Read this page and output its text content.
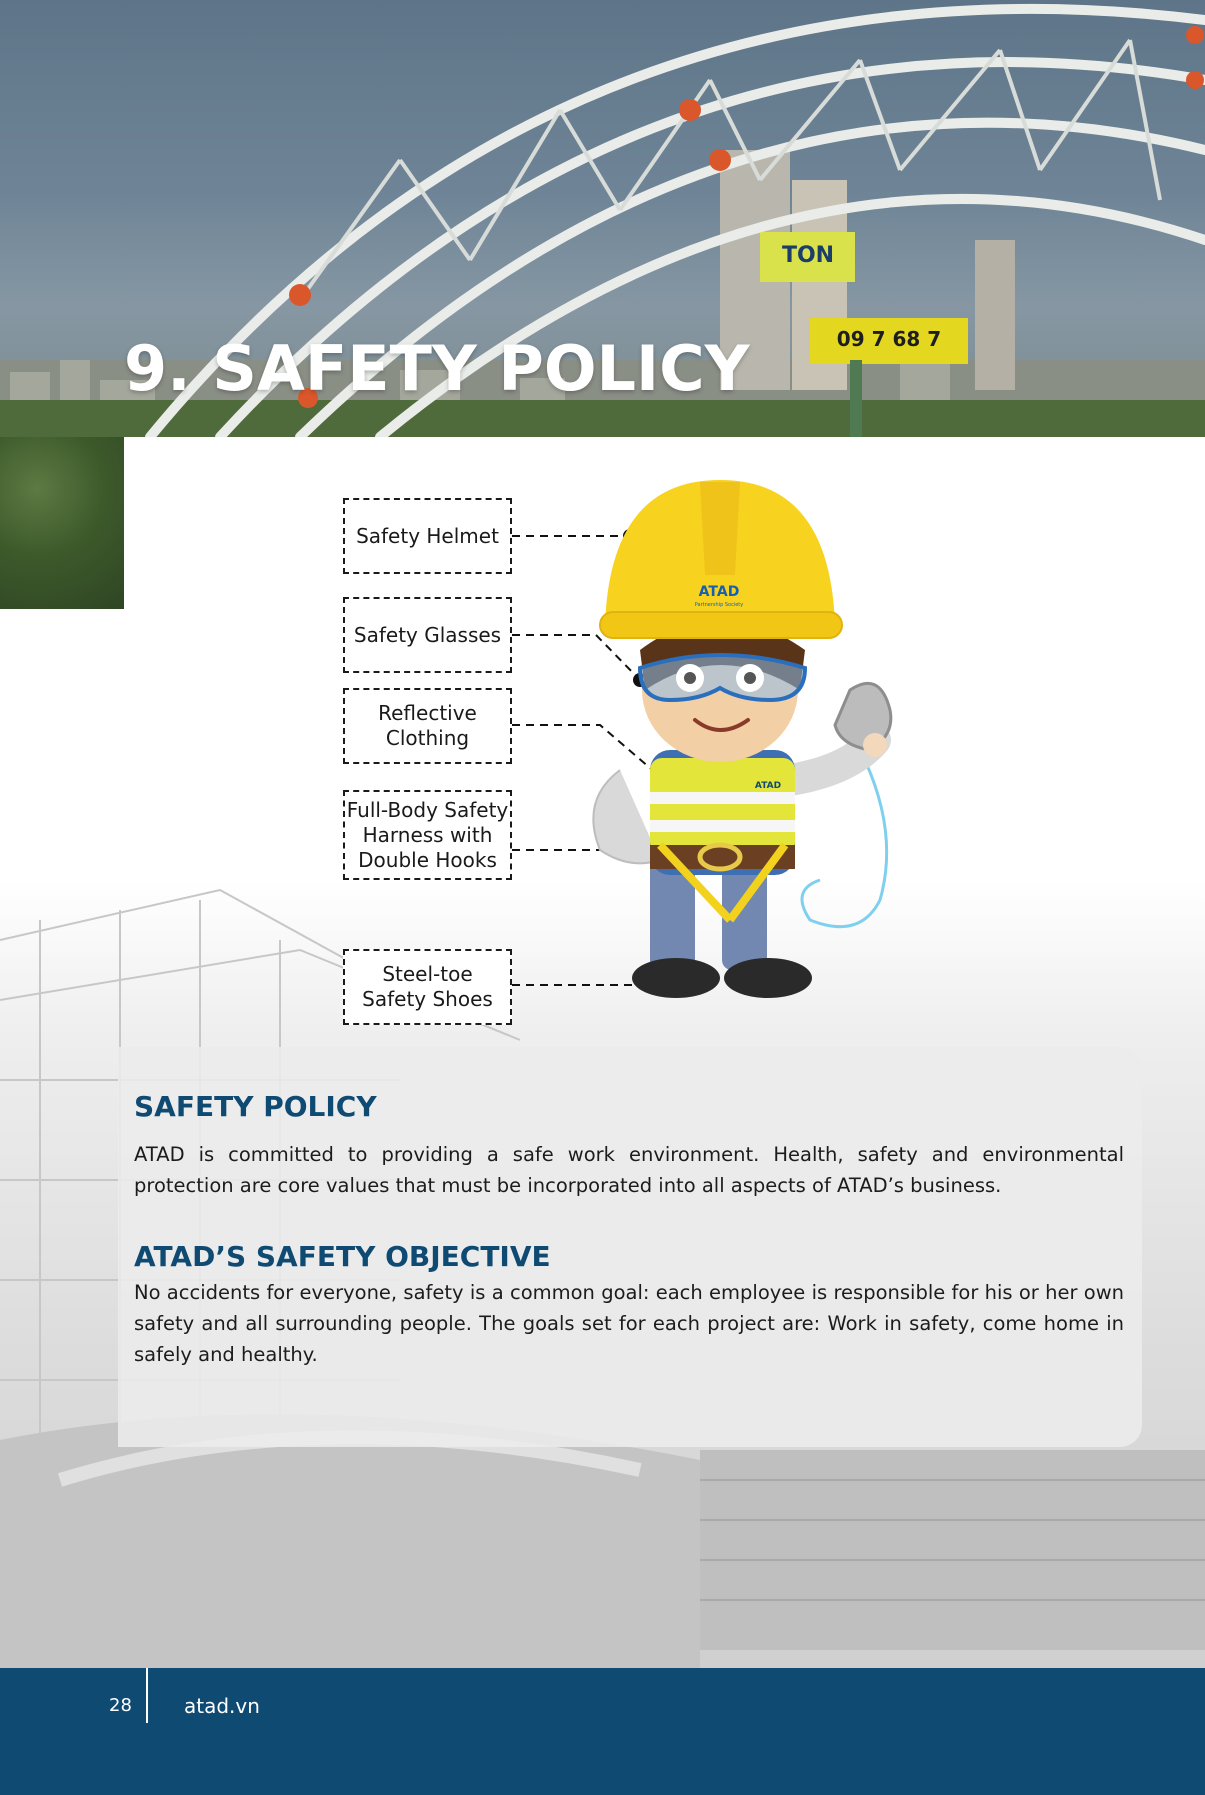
TON
09 7 68 7
9. SAFETY POLICY
Safety Helmet
Safety Glasses
Reflective
Clothing
Full-Body Safety
Harness with
Double Hooks
Steel-toe
Safety Shoes
ATAD
ATAD
Partnership Society
SAFETY POLICY

ATAD is committed to providing a safe work environment. Health, safety and environmental protection are core values that must be incorporated into all aspects of ATAD’s business.

ATAD’S SAFETY OBJECTIVE

No accidents for everyone, safety is a common goal: each employee is responsible for his or her own safety and all surrounding people. The goals set for each project are: Work in safety, come home in safely and healthy.

28	atad.vn
